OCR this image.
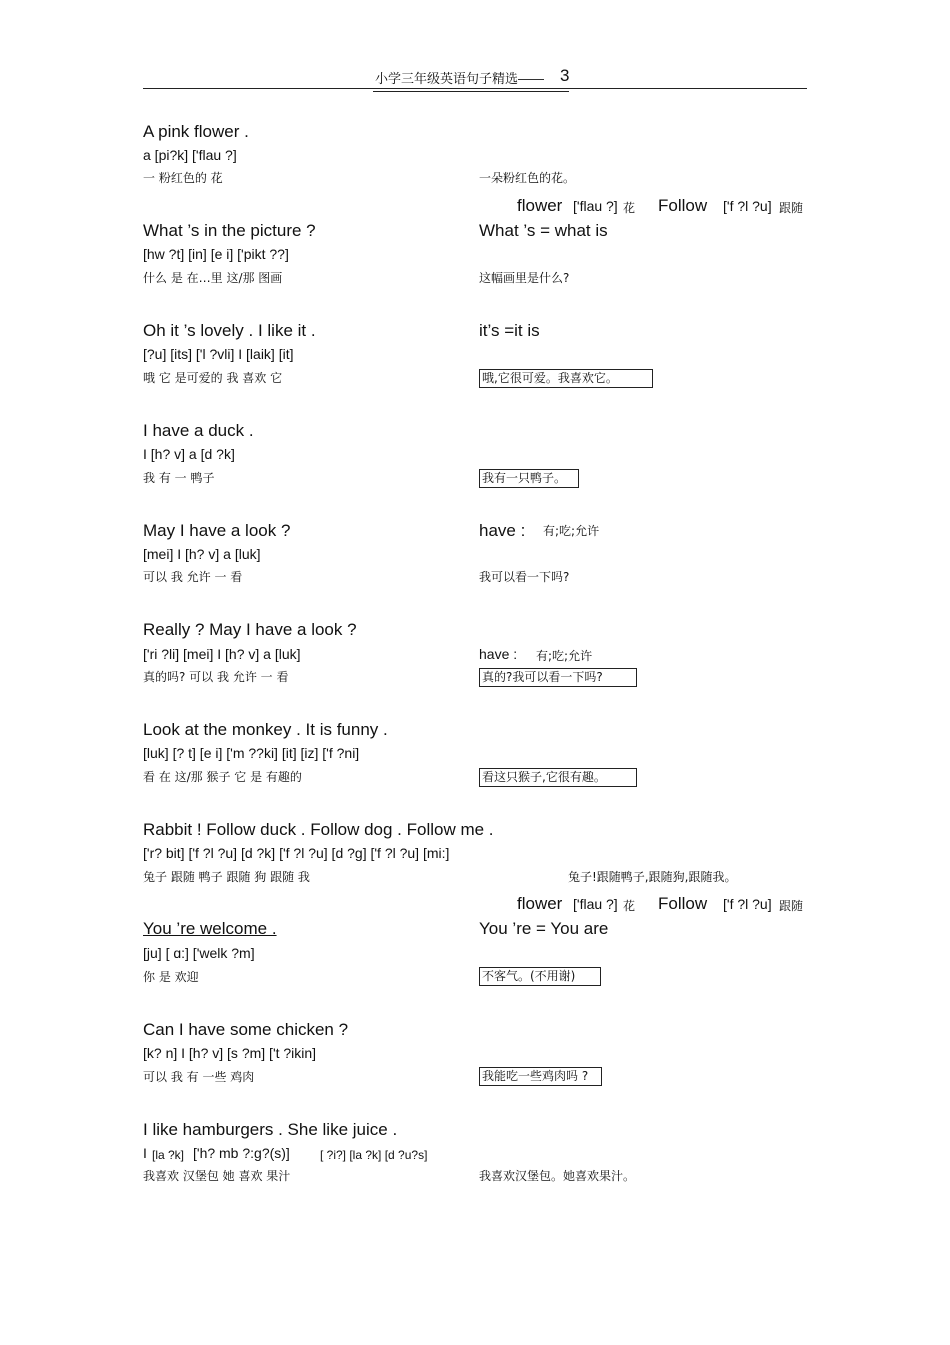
小学三年级英语句子精选—— 3
A pink flower .
a [pi?k] ['flau ?]
一 粉红色的 花	一朵粉红色的花。
flower ['flau ?] 花 Follow ['f ?l ?u] 跟随
What ’s in the picture ?	What ’s = what is
[hw ?t] [in] [e i] ['pikt ??]
什么 是 在…里 这/那 图画	这幅画里是什么?
Oh it ’s lovely . I like it .	it’s =it is
[?u] [its] ['l ?vli] I [laik] [it]
哦 它 是可爱的 我 喜欢 它	哦,它很可爱。我喜欢它。
I have a duck .
I [h? v] a [d ?k]
我 有 一 鸭子	我有一只鸭子。
May I have a look ?	have : 有;吃;允许
[mei] I [h? v] a [luk]
可以 我 允许 一 看	我可以看一下吗?
Really ? May I have a look ?
['ri ?li] [mei] I [h? v] a [luk]	have : 有;吃;允许
真的吗? 可以 我 允许 一 看	真的?我可以看一下吗?
Look at the monkey . It is funny .
[luk] [? t] [e i] ['m ??ki] [it] [iz] ['f ?ni]
看 在 这/那 猴子 它 是 有趣的	看这只猴子,它很有趣。
Rabbit ! Follow duck . Follow dog . Follow me .
['r? bit] ['f ?l ?u] [d ?k] ['f ?l ?u] [d ?g] ['f ?l ?u] [mi:]
兔子 跟随 鸭子 跟随 狗 跟随 我	兔子!跟随鸭子,跟随狗,跟随我。
flower ['flau ?] 花 Follow ['f ?l ?u] 跟随
You ’re welcome .	You ’re = You are
[ju] [ ɑ:] ['welk ?m]
你 是 欢迎	不客气。(不用谢)
Can I have some chicken ?
[k? n] I [h? v] [s ?m] ['t ?ikin]
可以 我 有 一些 鸡肉	我能吃一些鸡肉吗 ?
I like hamburgers . She like juice .
I [la ?k] ['h? mb ?:g?(s)]	[ ?i?] [la ?k] [d ?u?s]
我喜欢 汉堡包 她 喜欢 果汁	我喜欢汉堡包。她喜欢果汁。
